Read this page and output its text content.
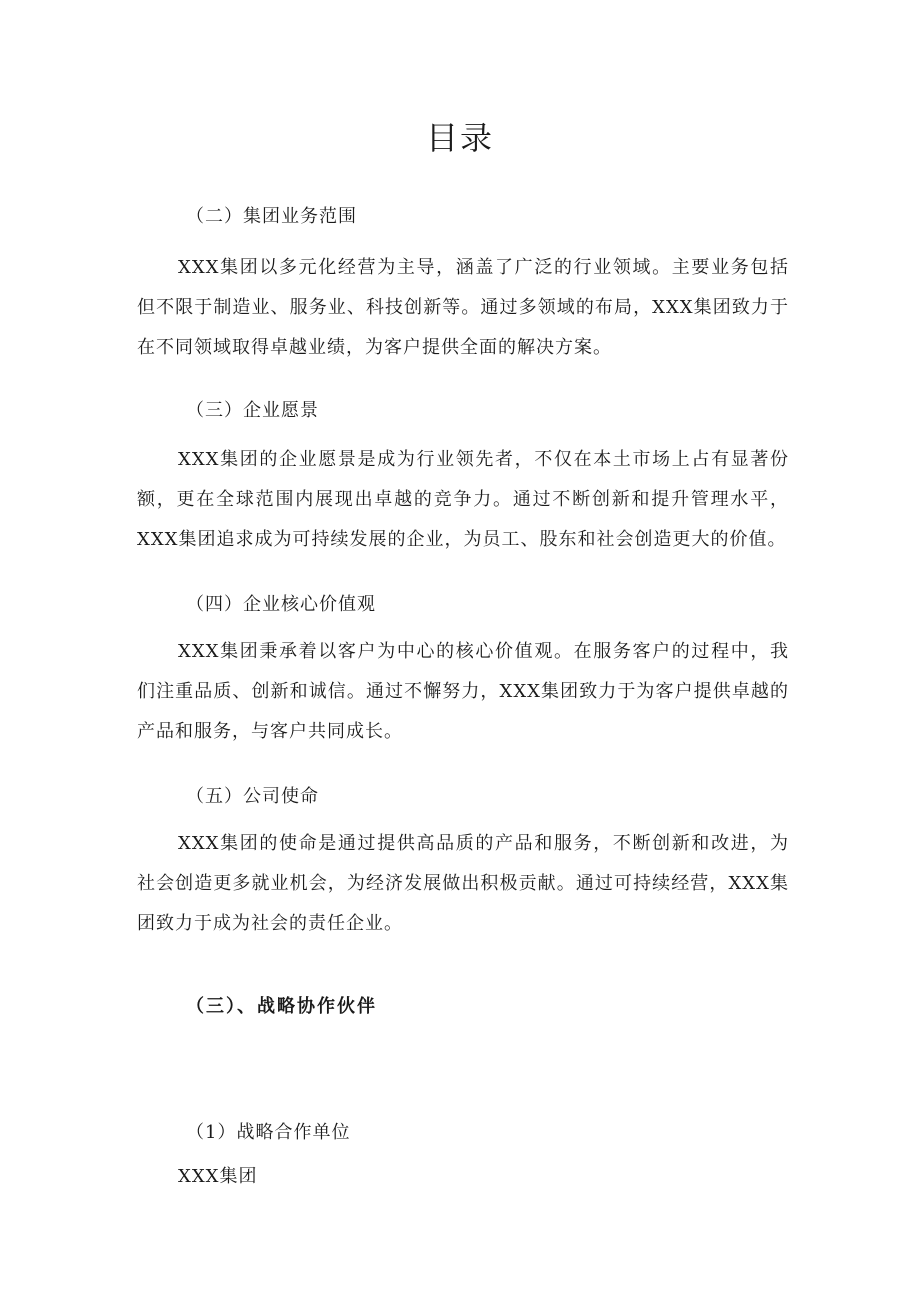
目录
（二）集团业务范围
XXX集团以多元化经营为主导，涵盖了广泛的行业领域。主要业务包括但不限于制造业、服务业、科技创新等。通过多领域的布局，XXX集团致力于在不同领域取得卓越业绩，为客户提供全面的解决方案。
（三）企业愿景
XXX集团的企业愿景是成为行业领先者，不仅在本土市场上占有显著份额，更在全球范围内展现出卓越的竞争力。通过不断创新和提升管理水平，XXX集团追求成为可持续发展的企业，为员工、股东和社会创造更大的价值。
（四）企业核心价值观
XXX集团秉承着以客户为中心的核心价值观。在服务客户的过程中，我们注重品质、创新和诚信。通过不懈努力，XXX集团致力于为客户提供卓越的产品和服务，与客户共同成长。
（五）公司使命
XXX集团的使命是通过提供高品质的产品和服务，不断创新和改进，为社会创造更多就业机会，为经济发展做出积极贡献。通过可持续经营，XXX集团致力于成为社会的责任企业。
（三）、战略协作伙伴
（1）战略合作单位
XXX集团
